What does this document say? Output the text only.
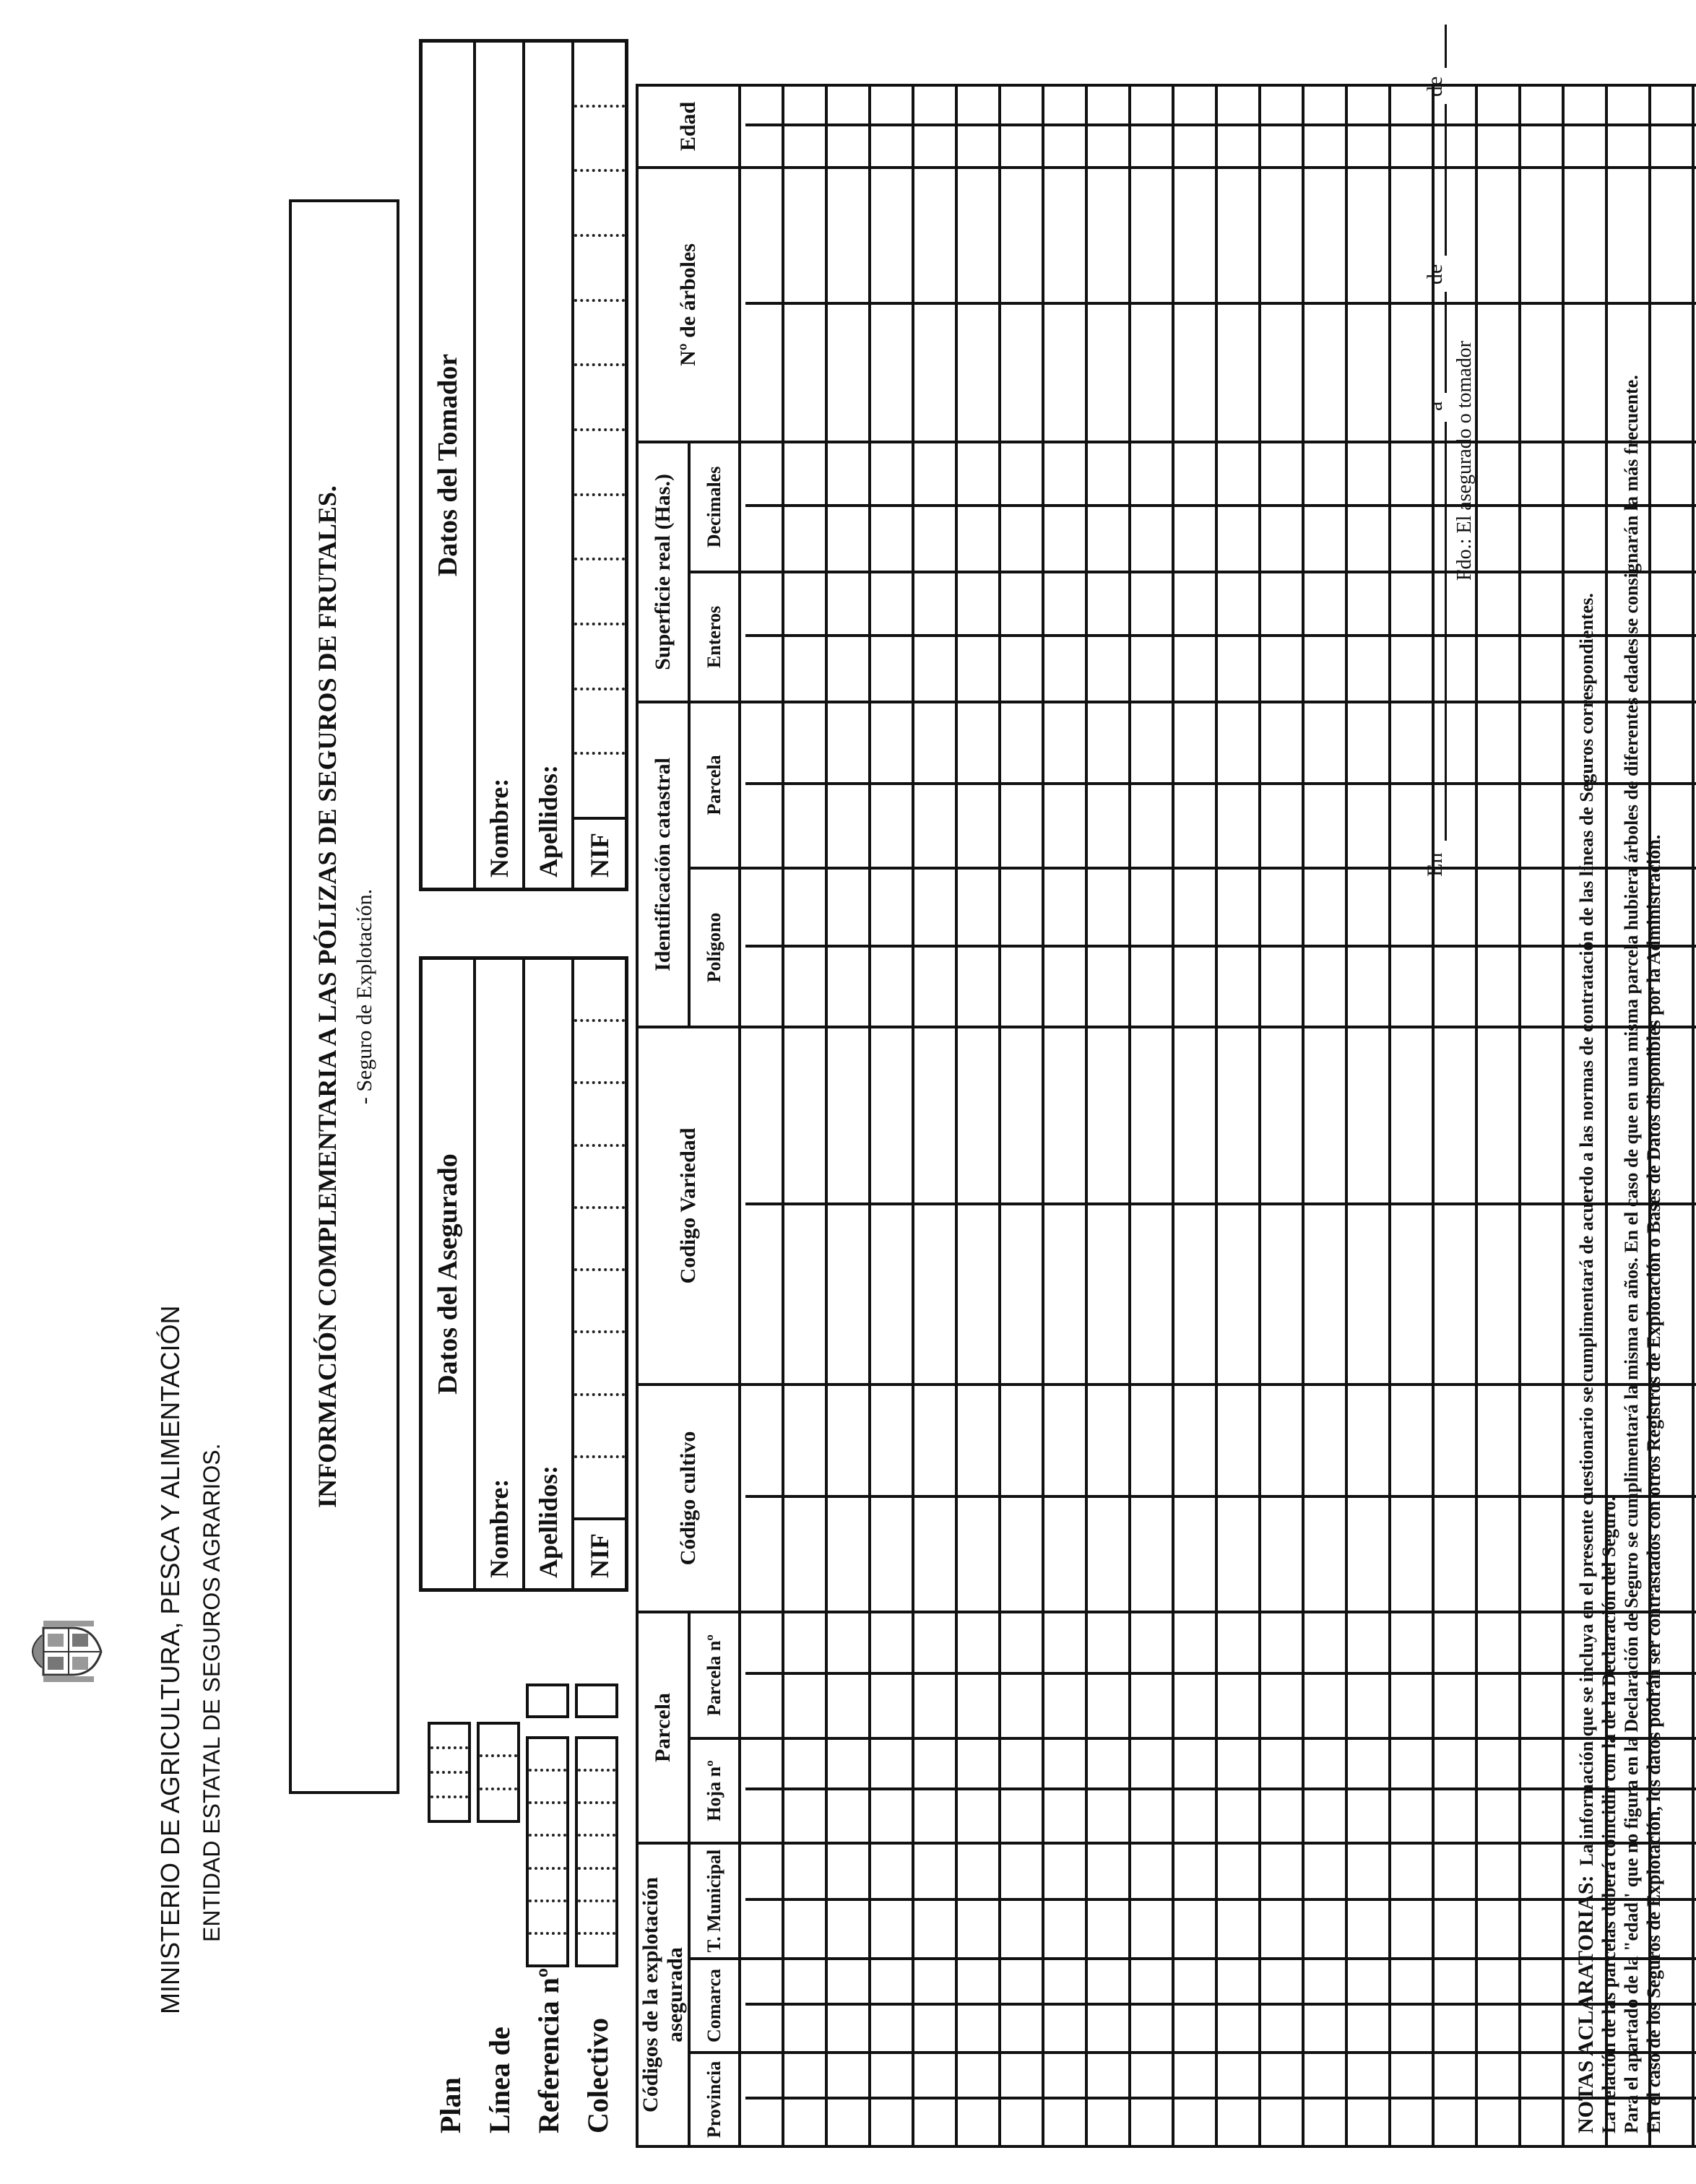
MINISTERIO DE AGRICULTURA, PESCA Y ALIMENTACIÓN ENTIDAD ESTATAL DE SEGUROS AGRARIOS.
INFORMACIÓN COMPLEMENTARIA A LAS PÓLIZAS DE SEGUROS DE FRUTALES. - Seguro de Explotación.
Plan Línea de Referencia nº Colectivo
Datos del Asegurado
Nombre: Apellidos: NIF
Datos del Tomador
Nombre: Apellidos: NIF
Códigos de la explotación asegurada			Parcela		Código cultivo	Codigo Variedad	Identificación catastral		Superficie real (Has.)		Nº de árboles	Edad
Provincia	Comarca	T. Municipal	Hoja nº	Parcela nº			Polígono	Parcela	Enteros	Decimales		

En
a
de
de
Fdo.: El asegurado o tomador
NOTAS ACLARATORIAS:  La información que se incluya en el presente cuestionario se cumplimentará de acuerdo a las normas de contratación de las líneas de Seguros correspondientes. La relación de las parcelas deberá coincidir con la de la Declaración del Seguro. Para el apartado de la "edad" que no figura en la Declaración de Seguro se cumplimentará la misma en años. En el caso de que en una misma parcela hubiera árboles de diferentes edades se consignarán la más frecuente. En el caso de los Seguros de Explotación, los datos podrán ser contrastados con otros Registros de Explotación o Bases de Datos disponibles por la Administración.
